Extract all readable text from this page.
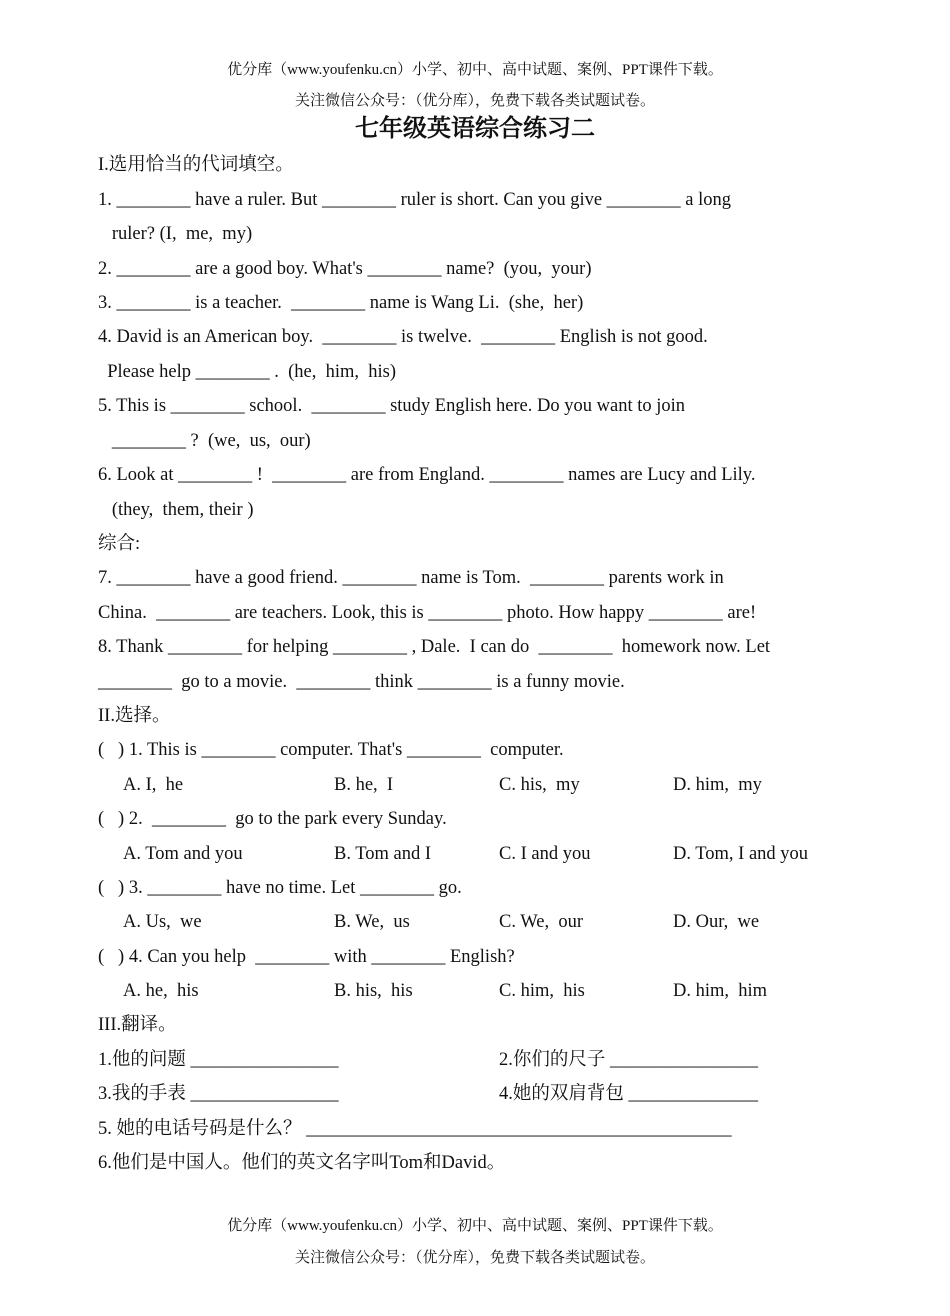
优分库（www.youfenku.cn）小学、初中、高中试题、案例、PPT课件下载。
关注微信公众号：（优分库），免费下载各类试题试卷。
七年级英语综合练习二
I.选用恰当的代词填空。
1. ________ have a ruler. But ________ ruler is short. Can you give ________ a long
ruler? (I,  me,  my)
2. ________ are a good boy. What's ________ name?  (you,  your)
3. ________ is a teacher.  ________ name is Wang Li.  (she,  her)
4. David is an American boy.  ________ is twelve.  ________ English is not good.
Please help ________ .  (he,  him,  his)
5. This is ________ school.  ________ study English here. Do you want to join
________ ?  (we,  us,  our)
6. Look at ________ !  ________ are from England. ________ names are Lucy and Lily.
(they,  them, their )
综合:
7. ________ have a good friend. ________ name is Tom.  ________ parents work in
China.  ________ are teachers. Look, this is ________ photo. How happy ________ are!
8. Thank ________ for helping ________ , Dale.  I can do  ________  homework now. Let
________  go to a movie.  ________ think ________ is a funny movie.
II.选择。
(   ) 1. This is ________ computer. That's ________  computer.
A. I,  he	B. he,  I	C. his,  my	D. him,  my
(   ) 2.  ________  go to the park every Sunday.
A. Tom and you	B. Tom and I	C. I and you	D. Tom, I and you
(   ) 3. ________ have no time. Let ________ go.
A. Us,  we	B. We,  us	C. We,  our	D. Our,  we
(   ) 4. Can you help  ________ with ________ English?
A. he,  his	B. his,  his	C. him,  his	D. him,  him
III.翻译。
1.他的问题 ________________	2.你们的尺子 ________________
3.我的手表 ________________	4.她的双肩背包 ______________
5. 她的电话号码是什么？ ______________________________________________
6.他们是中国人。他们的英文名字叫Tom和David。
优分库（www.youfenku.cn）小学、初中、高中试题、案例、PPT课件下载。
关注微信公众号：（优分库），免费下载各类试题试卷。
